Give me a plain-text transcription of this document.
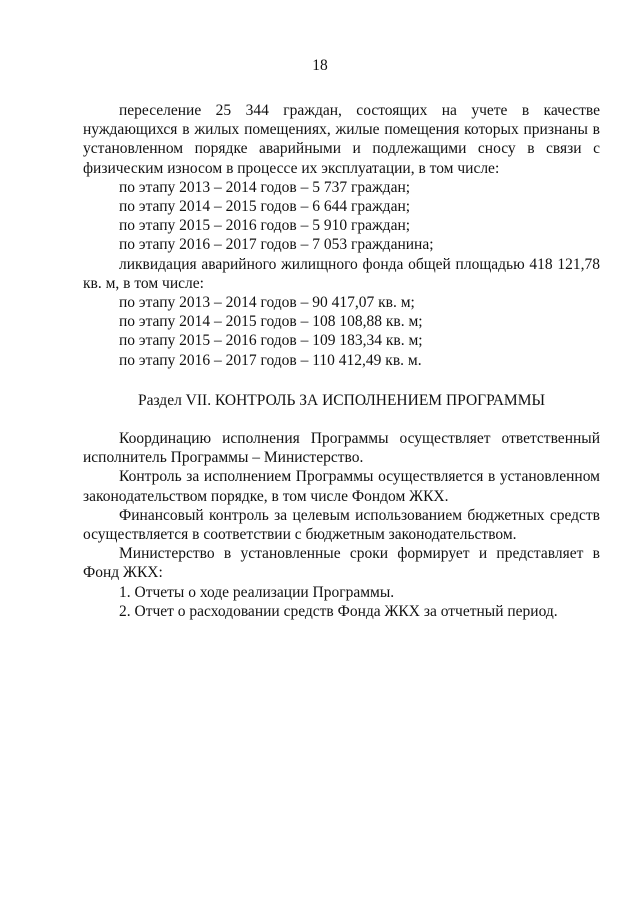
18

переселение 25 344 граждан, состоящих на учете в качестве нуждающихся в жилых помещениях, жилые помещения которых признаны в установленном порядке аварийными и подлежащими сносу в связи с физическим износом в процессе их эксплуатации, в том числе:

по этапу 2013 – 2014 годов – 5 737 граждан;

по этапу 2014 – 2015 годов – 6 644 граждан;

по этапу 2015 – 2016 годов – 5 910 граждан;

по этапу 2016 – 2017 годов – 7 053 гражданина;

ликвидация аварийного жилищного фонда общей площадью 418 121,78 кв. м, в том числе:

по этапу 2013 – 2014 годов – 90 417,07 кв. м;

по этапу 2014 – 2015 годов – 108 108,88 кв. м;

по этапу 2015 – 2016 годов – 109 183,34 кв. м;

по этапу 2016 – 2017 годов – 110 412,49 кв. м.

Раздел VII. КОНТРОЛЬ ЗА ИСПОЛНЕНИЕМ ПРОГРАММЫ

Координацию исполнения Программы осуществляет ответственный исполнитель Программы – Министерство.

Контроль за исполнением Программы осуществляется в установленном законодательством порядке, в том числе Фондом ЖКХ.

Финансовый контроль за целевым использованием бюджетных средств осуществляется в соответствии с бюджетным законодательством.

Министерство в установленные сроки формирует и представляет в Фонд ЖКХ:

1. Отчеты о ходе реализации Программы.

2. Отчет о расходовании средств Фонда ЖКХ за отчетный период.
